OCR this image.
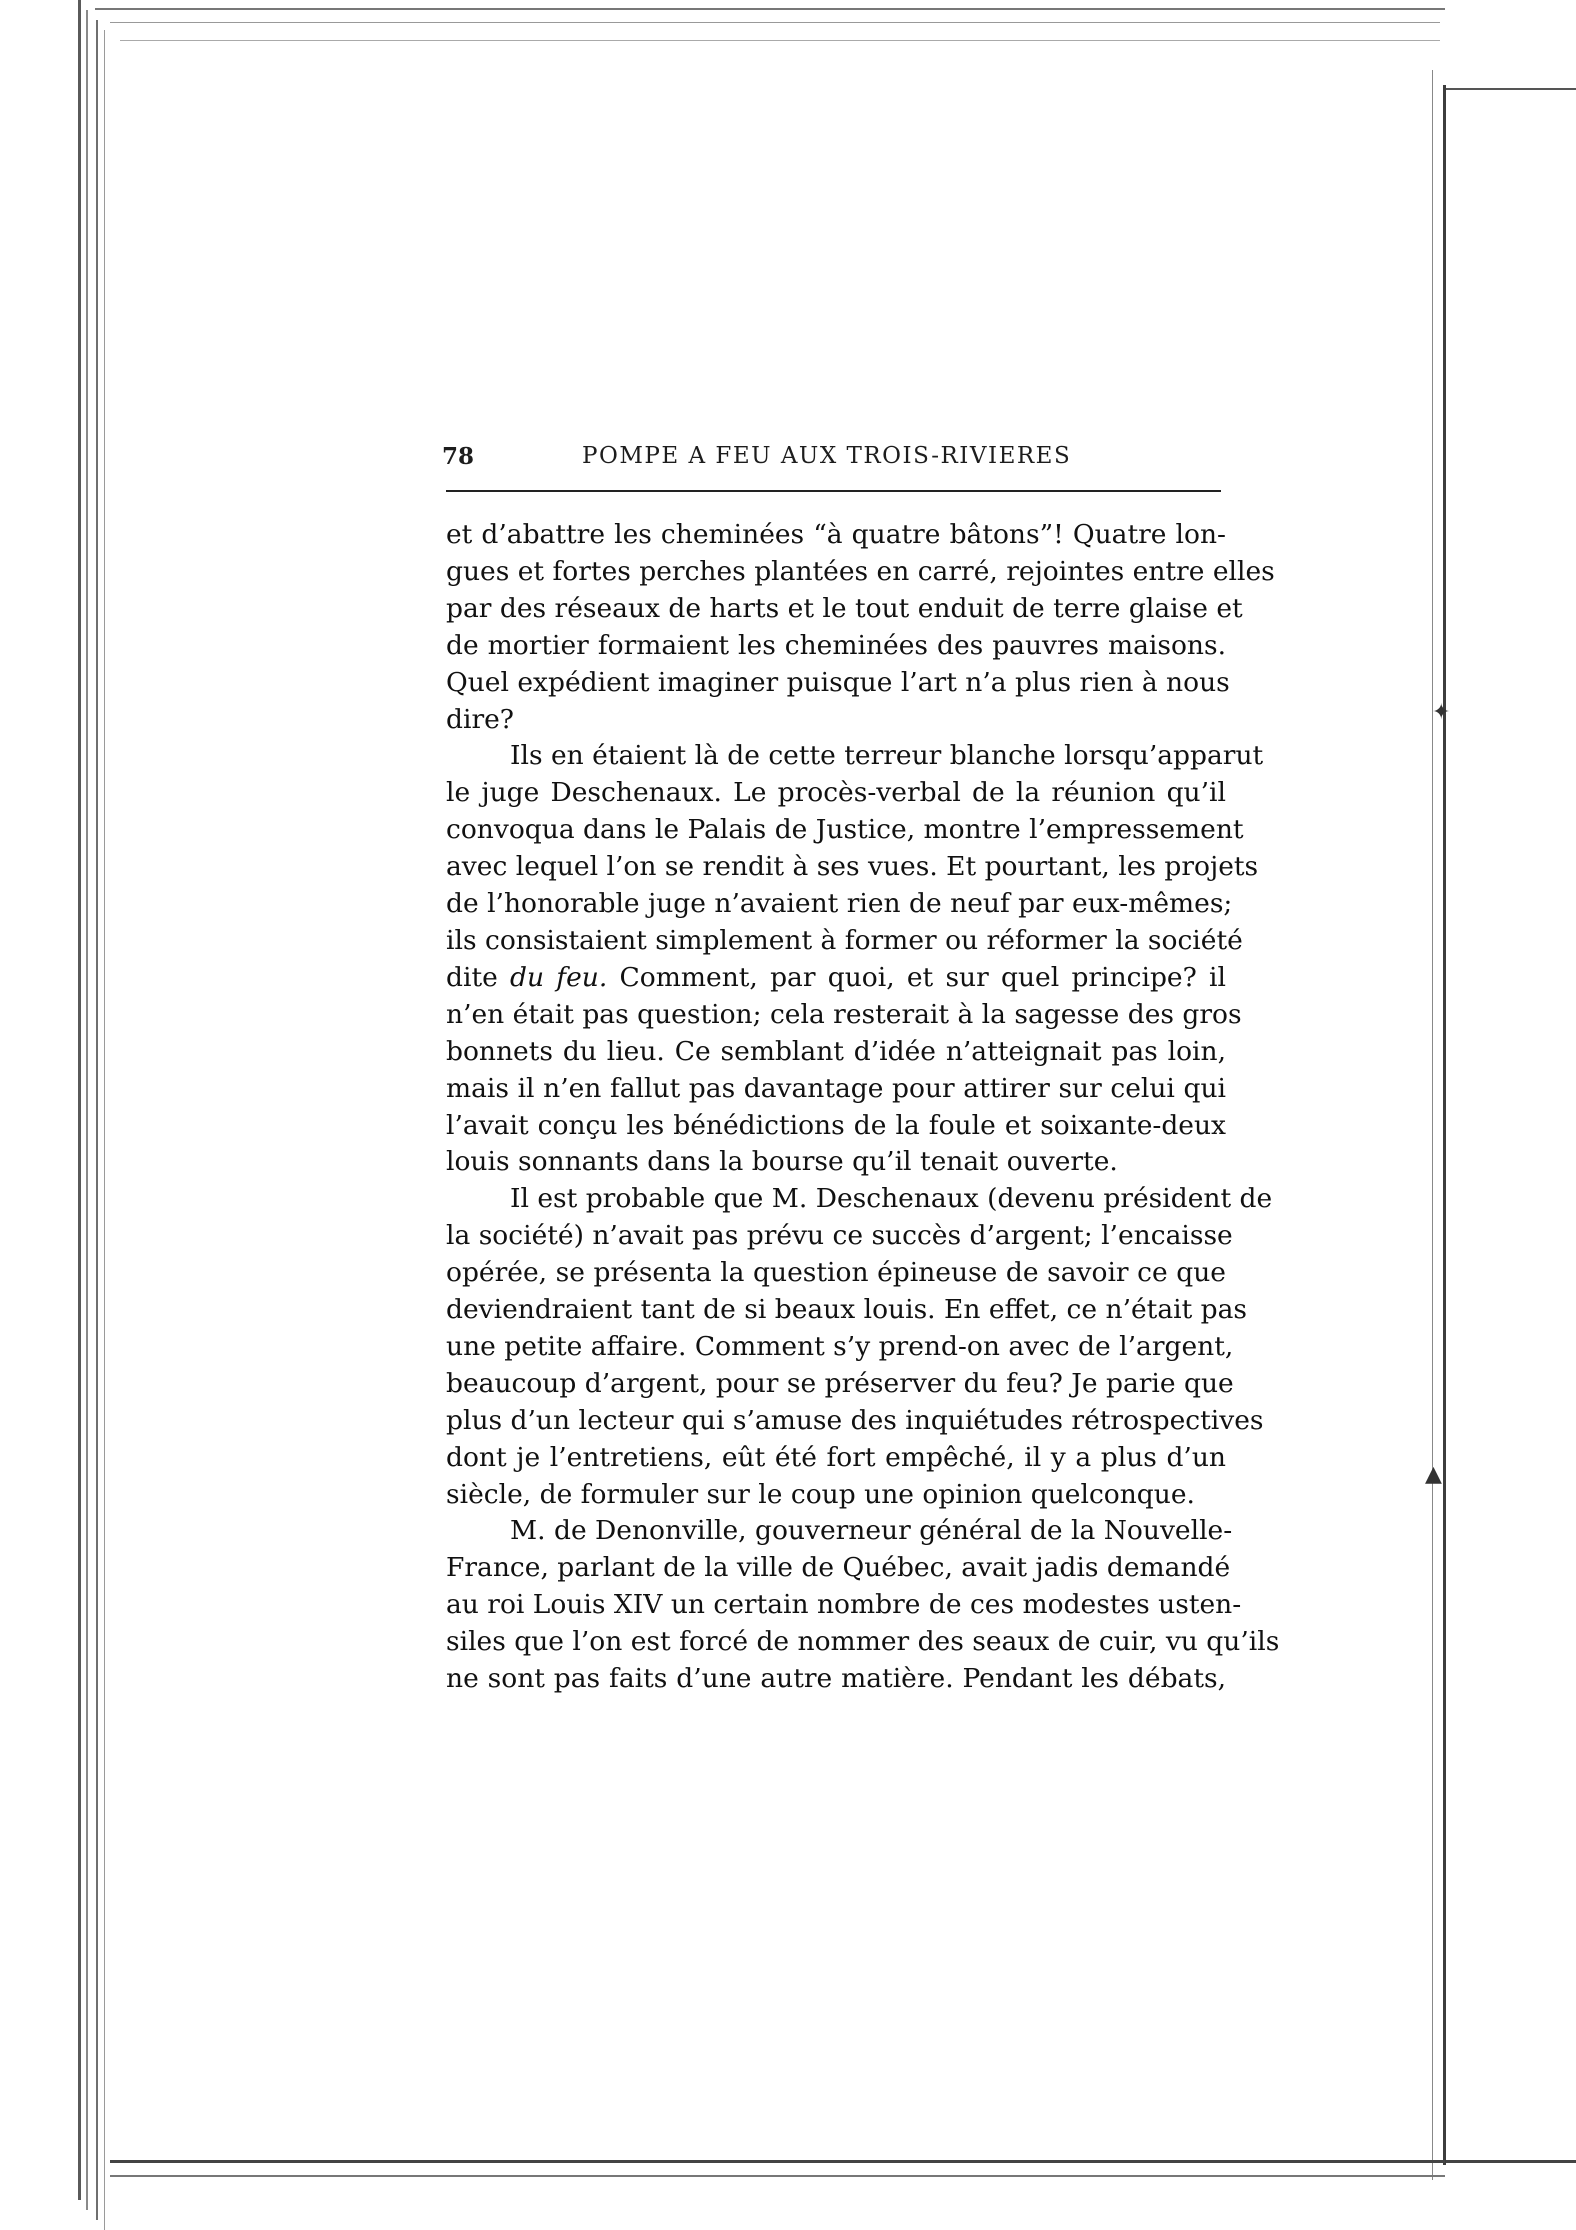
✦
▲
78	POMPE A FEU AUX TROIS-RIVIERES

et d’abattre les cheminées “à quatre bâtons”! Quatre lon-
gues et fortes perches plantées en carré, rejointes entre elles
par des réseaux de harts et le tout enduit de terre glaise et
de mortier formaient les cheminées des pauvres maisons.
Quel expédient imaginer puisque l’art n’a plus rien à nous
dire?

Ils en étaient là de cette terreur blanche lorsqu’apparut
le juge Deschenaux. Le procès-verbal de la réunion qu’il
convoqua dans le Palais de Justice, montre l’empressement
avec lequel l’on se rendit à ses vues. Et pourtant, les projets
de l’honorable juge n’avaient rien de neuf par eux-mêmes;
ils consistaient simplement à former ou réformer la société
dite du feu. Comment, par quoi, et sur quel principe? il
n’en était pas question; cela resterait à la sagesse des gros
bonnets du lieu. Ce semblant d’idée n’atteignait pas loin,
mais il n’en fallut pas davantage pour attirer sur celui qui
l’avait conçu les bénédictions de la foule et soixante-deux
louis sonnants dans la bourse qu’il tenait ouverte.

Il est probable que M. Deschenaux (devenu président de
la société) n’avait pas prévu ce succès d’argent; l’encaisse
opérée, se présenta la question épineuse de savoir ce que
deviendraient tant de si beaux louis. En effet, ce n’était pas
une petite affaire. Comment s’y prend-on avec de l’argent,
beaucoup d’argent, pour se préserver du feu? Je parie que
plus d’un lecteur qui s’amuse des inquiétudes rétrospectives
dont je l’entretiens, eût été fort empêché, il y a plus d’un
siècle, de formuler sur le coup une opinion quelconque.

M. de Denonville, gouverneur général de la Nouvelle-
France, parlant de la ville de Québec, avait jadis demandé
au roi Louis XIV un certain nombre de ces modestes usten-
siles que l’on est forcé de nommer des seaux de cuir, vu qu’ils
ne sont pas faits d’une autre matière. Pendant les débats,
